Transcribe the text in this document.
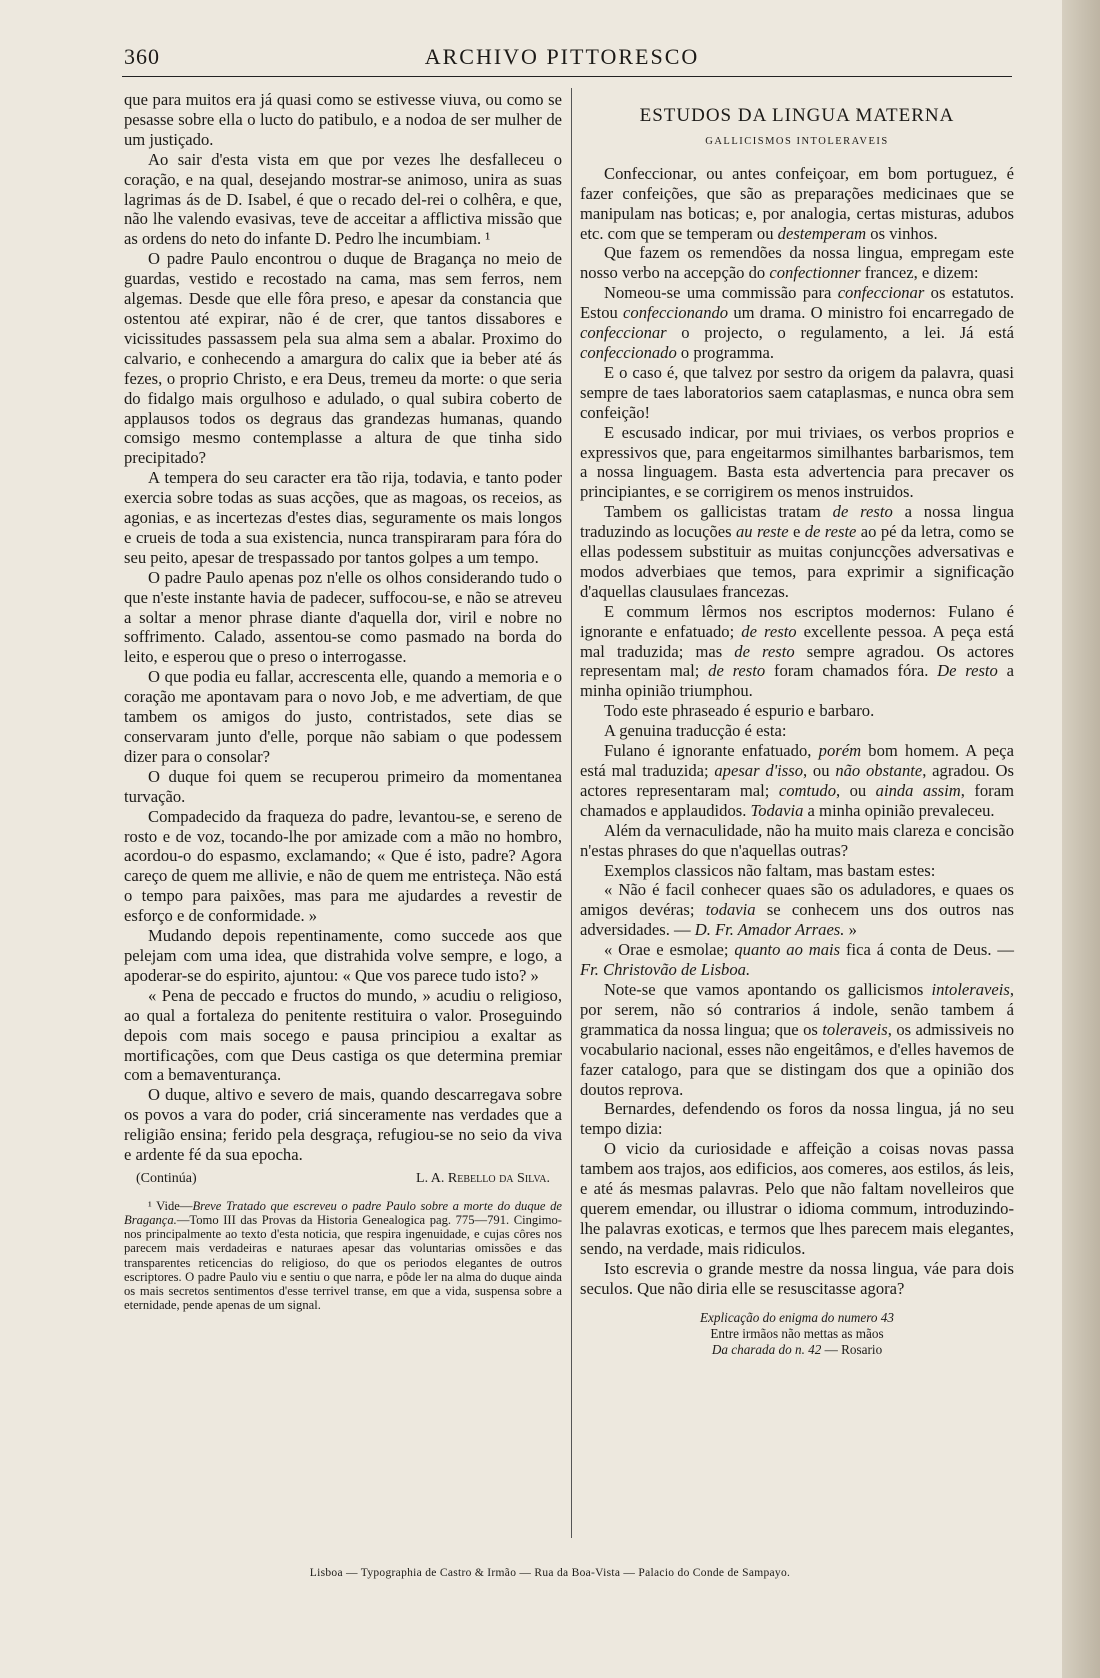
360	ARCHIVO PITTORESCO

que para muitos era já quasi como se estivesse viuva, ou como se pesasse sobre ella o lucto do patibulo, e a nodoa de ser mulher de um justiçado.

Ao sair d'esta vista em que por vezes lhe desfalleceu o coração, e na qual, desejando mostrar-se animoso, unira as suas lagrimas ás de D. Isabel, é que o recado del-rei o colhêra, e que, não lhe valendo evasivas, teve de acceitar a afflictiva missão que as ordens do neto do infante D. Pedro lhe incumbiam. ¹

O padre Paulo encontrou o duque de Bragança no meio de guardas, vestido e recostado na cama, mas sem ferros, nem algemas. Desde que elle fôra preso, e apesar da constancia que ostentou até expirar, não é de crer, que tantos dissabores e vicissitudes passassem pela sua alma sem a abalar. Proximo do calvario, e conhecendo a amargura do calix que ia beber até ás fezes, o proprio Christo, e era Deus, tremeu da morte: o que seria do fidalgo mais orgulhoso e adulado, o qual subira coberto de applausos todos os degraus das grandezas humanas, quando comsigo mesmo contemplasse a altura de que tinha sido precipitado?

A tempera do seu caracter era tão rija, todavia, e tanto poder exercia sobre todas as suas acções, que as magoas, os receios, as agonias, e as incertezas d'estes dias, seguramente os mais longos e crueis de toda a sua existencia, nunca transpiraram para fóra do seu peito, apesar de trespassado por tantos golpes a um tempo.

O padre Paulo apenas poz n'elle os olhos considerando tudo o que n'este instante havia de padecer, suffocou-se, e não se atreveu a soltar a menor phrase diante d'aquella dor, viril e nobre no soffrimento. Calado, assentou-se como pasmado na borda do leito, e esperou que o preso o interrogasse.

O que podia eu fallar, accrescenta elle, quando a memoria e o coração me apontavam para o novo Job, e me advertiam, de que tambem os amigos do justo, contristados, sete dias se conservaram junto d'elle, porque não sabiam o que podessem dizer para o consolar?

O duque foi quem se recuperou primeiro da momentanea turvação.

Compadecido da fraqueza do padre, levantou-se, e sereno de rosto e de voz, tocando-lhe por amizade com a mão no hombro, acordou-o do espasmo, exclamando; « Que é isto, padre? Agora careço de quem me allivie, e não de quem me entristeça. Não está o tempo para paixões, mas para me ajudardes a revestir de esforço e de conformidade. »

Mudando depois repentinamente, como succede aos que pelejam com uma idea, que distrahida volve sempre, e logo, a apoderar-se do espirito, ajuntou: « Que vos parece tudo isto? »

« Pena de peccado e fructos do mundo, » acudiu o religioso, ao qual a fortaleza do penitente restituira o valor. Proseguindo depois com mais socego e pausa principiou a exaltar as mortificações, com que Deus castiga os que determina premiar com a bemaventurança.

O duque, altivo e severo de mais, quando descarregava sobre os povos a vara do poder, criá sinceramente nas verdades que a religião ensina; ferido pela desgraça, refugiou-se no seio da viva e ardente fé da sua epocha.

(Continúa)	L. A. Rebello da Silva.

¹ Vide—Breve Tratado que escreveu o padre Paulo sobre a morte do duque de Bragança.—Tomo III das Provas da Historia Genealogica pag. 775—791. Cingimo-nos principalmente ao texto d'esta noticia, que respira ingenuidade, e cujas côres nos parecem mais verdadeiras e naturaes apesar das voluntarias omissões e das transparentes reticencias do religioso, do que os periodos elegantes de outros escriptores. O padre Paulo viu e sentiu o que narra, e pôde ler na alma do duque ainda os mais secretos sentimentos d'esse terrivel transe, em que a vida, suspensa sobre a eternidade, pende apenas de um signal.

ESTUDOS DA LINGUA MATERNA
GALLICISMOS INTOLERAVEIS

Confeccionar, ou antes confeiçoar, em bom portuguez, é fazer confeições, que são as preparações medicinaes que se manipulam nas boticas; e, por analogia, certas misturas, adubos etc. com que se temperam ou destemperam os vinhos.

Que fazem os remendões da nossa lingua, empregam este nosso verbo na accepção do confectionner francez, e dizem:

Nomeou-se uma commissão para confeccionar os estatutos. Estou confeccionando um drama. O ministro foi encarregado de confeccionar o projecto, o regulamento, a lei. Já está confeccionado o programma.

E o caso é, que talvez por sestro da origem da palavra, quasi sempre de taes laboratorios saem cataplasmas, e nunca obra sem confeição!

E escusado indicar, por mui triviaes, os verbos proprios e expressivos que, para engeitarmos similhantes barbarismos, tem a nossa linguagem. Basta esta advertencia para precaver os principiantes, e se corrigirem os menos instruidos.

Tambem os gallicistas tratam de resto a nossa lingua traduzindo as locuções au reste e de reste ao pé da letra, como se ellas podessem substituir as muitas conjuncções adversativas e modos adverbiaes que temos, para exprimir a significação d'aquellas clausulaes francezas.

E commum lêrmos nos escriptos modernos: Fulano é ignorante e enfatuado; de resto excellente pessoa. A peça está mal traduzida; mas de resto sempre agradou. Os actores representam mal; de resto foram chamados fóra. De resto a minha opinião triumphou.

Todo este phraseado é espurio e barbaro.

A genuina traducção é esta:

Fulano é ignorante enfatuado, porém bom homem. A peça está mal traduzida; apesar d'isso, ou não obstante, agradou. Os actores representaram mal; comtudo, ou ainda assim, foram chamados e applaudidos. Todavia a minha opinião prevaleceu.

Além da vernaculidade, não ha muito mais clareza e concisão n'estas phrases do que n'aquellas outras?

Exemplos classicos não faltam, mas bastam estes:

« Não é facil conhecer quaes são os aduladores, e quaes os amigos devéras; todavia se conhecem uns dos outros nas adversidades. — D. Fr. Amador Arraes. »

« Orae e esmolae; quanto ao mais fica á conta de Deus. — Fr. Christovão de Lisboa.

Note-se que vamos apontando os gallicismos intoleraveis, por serem, não só contrarios á indole, senão tambem á grammatica da nossa lingua; que os toleraveis, os admissiveis no vocabulario nacional, esses não engeitâmos, e d'elles havemos de fazer catalogo, para que se distingam dos que a opinião dos doutos reprova.

Bernardes, defendendo os foros da nossa lingua, já no seu tempo dizia:

O vicio da curiosidade e affeição a coisas novas passa tambem aos trajos, aos edificios, aos comeres, aos estilos, ás leis, e até ás mesmas palavras. Pelo que não faltam novelleiros que querem emendar, ou illustrar o idioma commum, introduzindo-lhe palavras exoticas, e termos que lhes parecem mais elegantes, sendo, na verdade, mais ridiculos.

Isto escrevia o grande mestre da nossa lingua, váe para dois seculos. Que não diria elle se resuscitasse agora?

Explicação do enigma do numero 43
Entre irmãos não mettas as mãos
Da charada do n. 42 — Rosario
Lisboa — Typographia de Castro & Irmão — Rua da Boa-Vista — Palacio do Conde de Sampayo.
